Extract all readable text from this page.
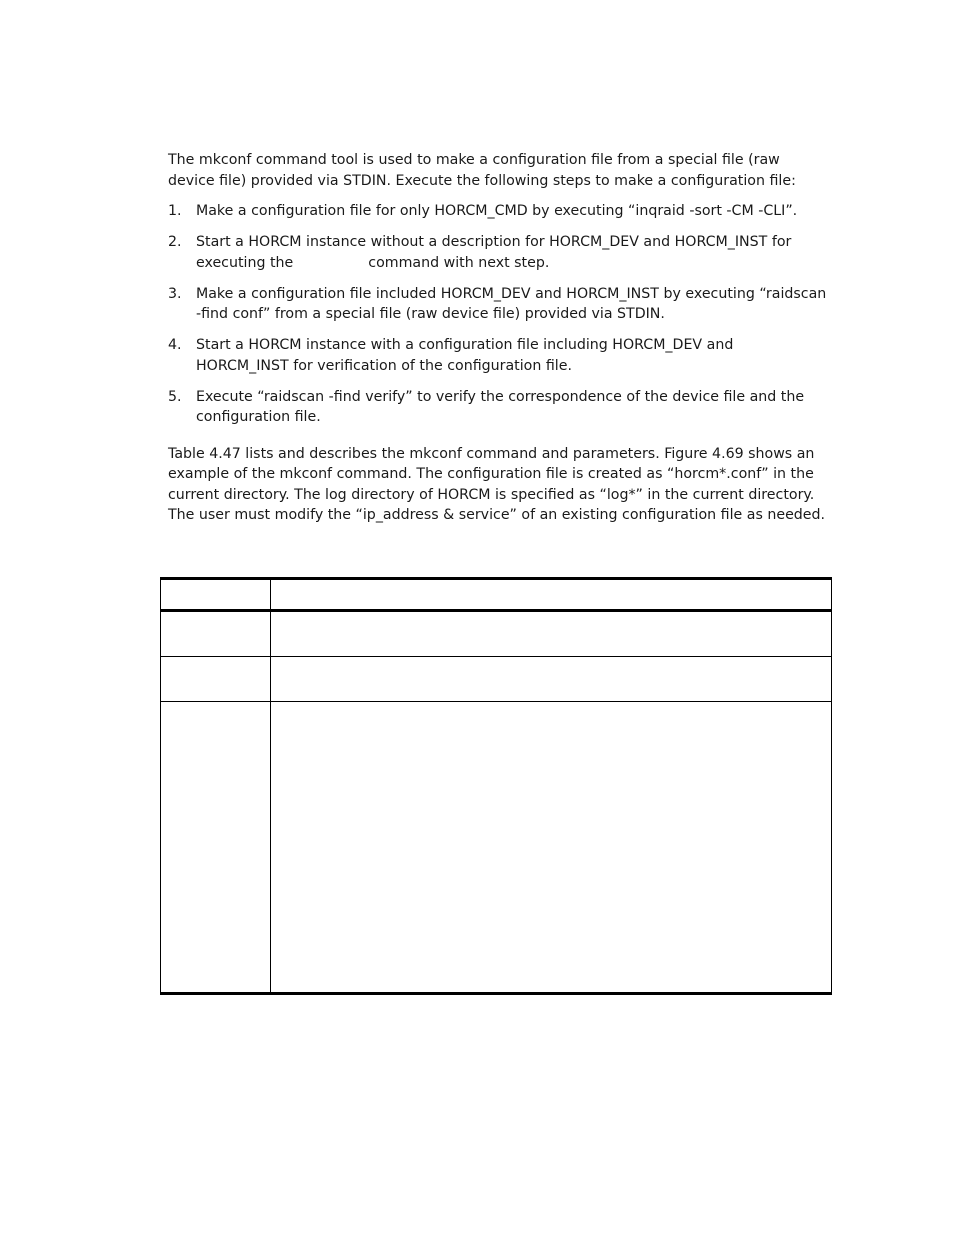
The mkconf command tool is used to make a configuration file from a special file (raw device file) provided via STDIN. Execute the following steps to make a configuration file:

1. Make a configuration file for only HORCM_CMD by executing “inqraid -sort -CM -CLI”.
2. Start a HORCM instance without a description for HORCM_DEV and HORCM_INST for executing the	command with next step.
3. Make a configuration file included HORCM_DEV and HORCM_INST by executing “raidscan -find conf” from a special file (raw device file) provided via STDIN.
4. Start a HORCM instance with a configuration file including HORCM_DEV and HORCM_INST for verification of the configuration file.
5. Execute “raidscan -find verify” to verify the correspondence of the device file and the configuration file.

Table 4.47 lists and describes the mkconf command and parameters. Figure 4.69 shows an example of the mkconf command. The configuration file is created as “horcm*.conf” in the current directory. The log directory of HORCM is specified as “log*” in the current directory. The user must modify the “ip_address & service” of an existing configuration file as needed.
